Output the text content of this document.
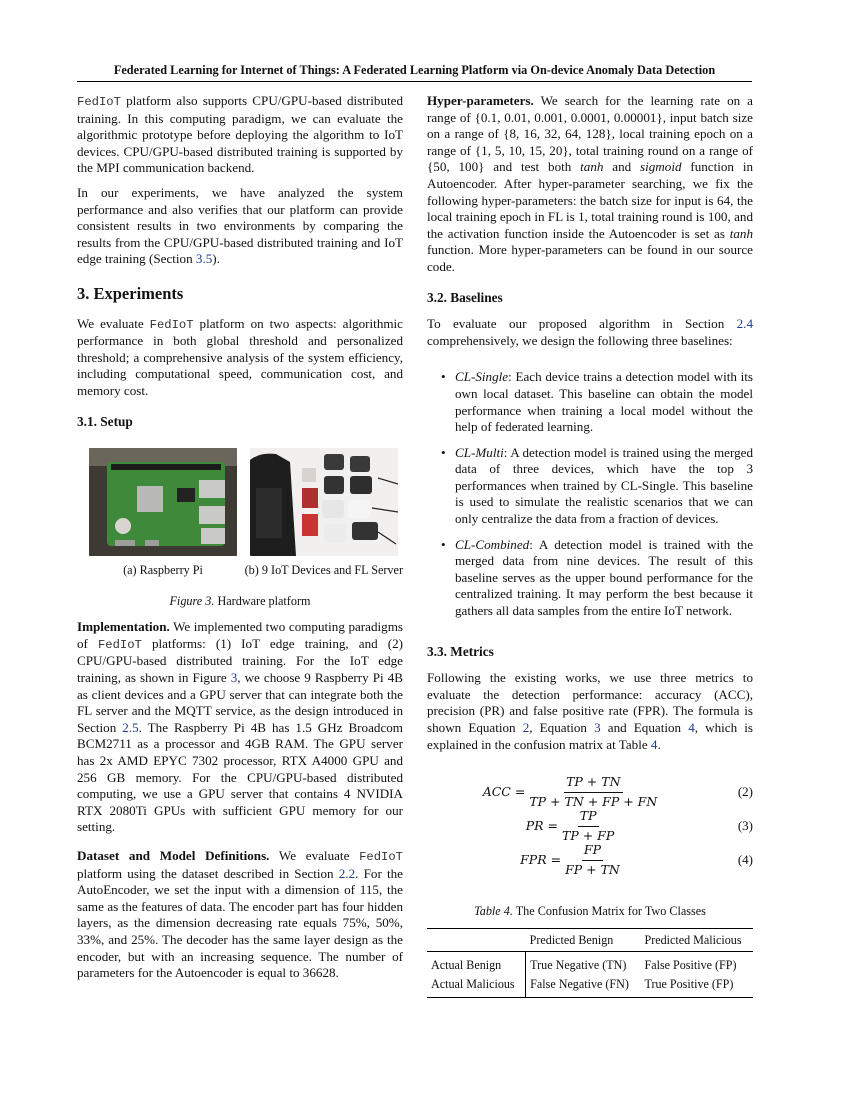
Federated Learning for Internet of Things: A Federated Learning Platform via On-device Anomaly Data Detection

FedIoT platform also supports CPU/GPU-based distributed training. In this computing paradigm, we can evaluate the algorithmic prototype before deploying the algorithm to IoT devices. CPU/GPU-based distributed training is supported by the MPI communication backend.

In our experiments, we have analyzed the system performance and also verifies that our platform can provide consistent results in two environments by comparing the results from the CPU/GPU-based distributed training and IoT edge training (Section 3.5).

3. Experiments

We evaluate FedIoT platform on two aspects: algorithmic performance in both global threshold and personalized threshold; a comprehensive analysis of the system efficiency, including computational speed, communication cost, and memory cost.

3.1. Setup
(a) Raspberry Pi	(b) 9 IoT Devices and FL Server
Figure 3. Hardware platform

Implementation. We implemented two computing paradigms of FedIoT platforms: (1) IoT edge training, and (2) CPU/GPU-based distributed training. For the IoT edge training, as shown in Figure 3, we choose 9 Raspberry Pi 4B as client devices and a GPU server that can integrate both the FL server and the MQTT service, as the design introduced in Section 2.5. The Raspberry Pi 4B has 1.5 GHz Broadcom BCM2711 as a processor and 4GB RAM. The GPU server has 2x AMD EPYC 7302 processor, RTX A4000 GPU and 256 GB memory. For the CPU/GPU-based distributed computing, we use a GPU server that contains 4 NVIDIA RTX 2080Ti GPUs with sufficient GPU memory for our setting.

Dataset and Model Definitions. We evaluate FedIoT platform using the dataset described in Section 2.2. For the AutoEncoder, we set the input with a dimension of 115, the same as the features of data. The encoder part has four hidden layers, as the dimension decreasing rate equals 75%, 50%, 33%, and 25%. The decoder has the same layer design as the encoder, but with an increasing sequence. The number of parameters for the Autoencoder is equal to 36628.

Hyper-parameters. We search for the learning rate on a range of {0.1, 0.01, 0.001, 0.0001, 0.00001}, input batch size on a range of {8, 16, 32, 64, 128}, local training epoch on a range of {1, 5, 10, 15, 20}, total training round on a range of {50, 100} and test both tanh and sigmoid function in Autoencoder. After hyper-parameter searching, we fix the following hyper-parameters: the batch size for input is 64, the local training epoch in FL is 1, total training round is 100, and the activation function inside the Autoencoder is set as tanh function. More hyper-parameters can be found in our source code.

3.2. Baselines

To evaluate our proposed algorithm in Section 2.4 comprehensively, we design the following three baselines:

• CL-Single: Each device trains a detection model with its own local dataset. This baseline can obtain the model performance when training a local model without the help of federated learning.
• CL-Multi: A detection model is trained using the merged data of three devices, which have the top 3 performances when trained by CL-Single. This baseline is used to simulate the realistic scenarios that we can only centralize the data from a fraction of devices.
• CL-Combined: A detection model is trained with the merged data from nine devices. The result of this baseline serves as the upper bound performance for the centralized training. It may perform the best because it gathers all data samples from the entire IoT network.
3.3. Metrics

Following the existing works, we use three metrics to evaluate the detection performance: accuracy (ACC), precision (PR) and false positive rate (FPR). The formula is shown Equation 2, Equation 3 and Equation 4, which is explained in the confusion matrix at Table 4.

ACC = $\frac{TP + TN}{TP + TN + FP + FN}$	(2)
PR = $\frac{TP}{TP + FP}$	(3)
FPR = $\frac{FP}{FP + TN}$	(4)
Table 4. The Confusion Matrix for Two Classes
	Predicted Benign	Predicted Malicious
Actual Benign	True Negative (TN)	False Positive (FP)
Actual Malicious	False Negative (FN)	True Positive (FP)
